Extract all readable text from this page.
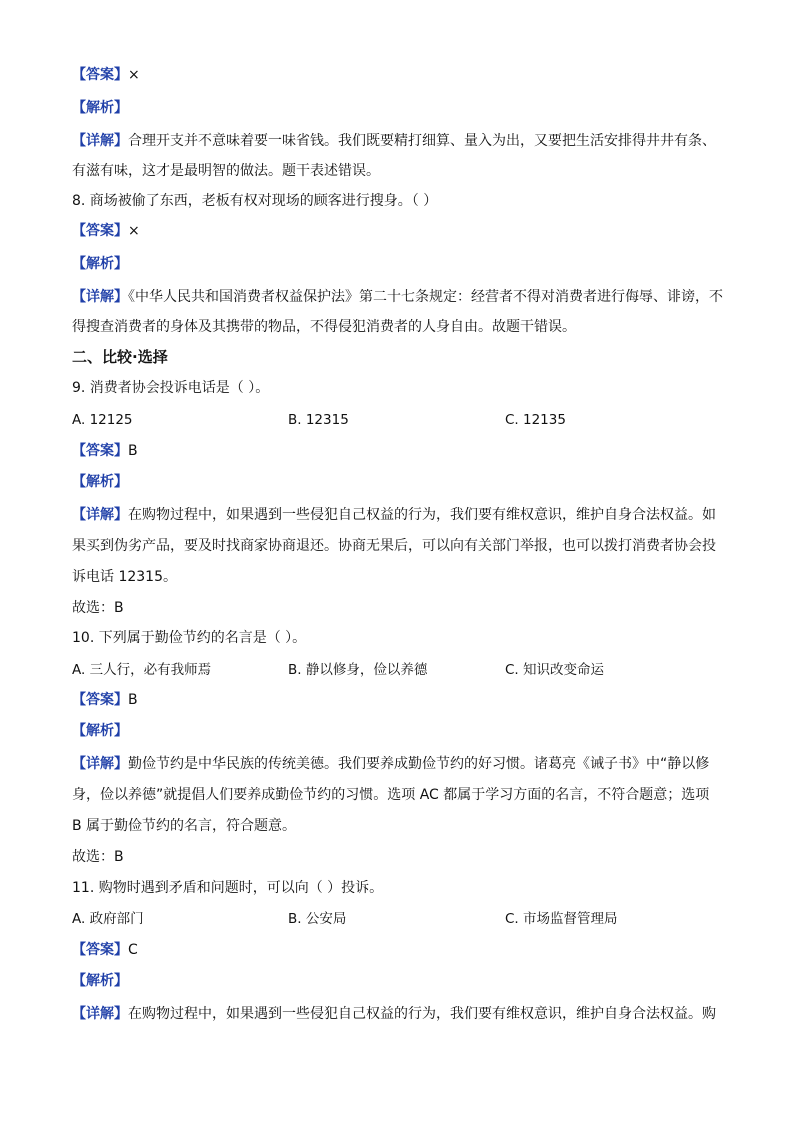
【答案】×
【解析】
【详解】合理开支并不意味着要一味省钱。我们既要精打细算、量入为出，又要把生活安排得井井有条、
有滋有味，这才是最明智的做法。题干表述错误。
8. 商场被偷了东西，老板有权对现场的顾客进行搜身。（ ）
【答案】×
【解析】
【详解】《中华人民共和国消费者权益保护法》第二十七条规定：经营者不得对消费者进行侮辱、诽谤，不
得搜查消费者的身体及其携带的物品，不得侵犯消费者的人身自由。故题干错误。
二、比较·选择
9. 消费者协会投诉电话是（ ）。
A. 12125	B. 12315	C. 12135
【答案】B
【解析】
【详解】在购物过程中，如果遇到一些侵犯自己权益的行为，我们要有维权意识，维护自身合法权益。如
果买到伪劣产品，要及时找商家协商退还。协商无果后，可以向有关部门举报，也可以拨打消费者协会投
诉电话 12315。
故选：B
10. 下列属于勤俭节约的名言是（ ）。
A. 三人行，必有我师焉	B. 静以修身，俭以养德	C. 知识改变命运
【答案】B
【解析】
【详解】勤俭节约是中华民族的传统美德。我们要养成勤俭节约的好习惯。诸葛亮《诫子书》中“静以修
身，俭以养德”就提倡人们要养成勤俭节约的习惯。选项 AC 都属于学习方面的名言，不符合题意；选项
B 属于勤俭节约的名言，符合题意。
故选：B
11. 购物时遇到矛盾和问题时，可以向（ ）投诉。
A. 政府部门	B. 公安局	C. 市场监督管理局
【答案】C
【解析】
【详解】在购物过程中，如果遇到一些侵犯自己权益的行为，我们要有维权意识，维护自身合法权益。购
